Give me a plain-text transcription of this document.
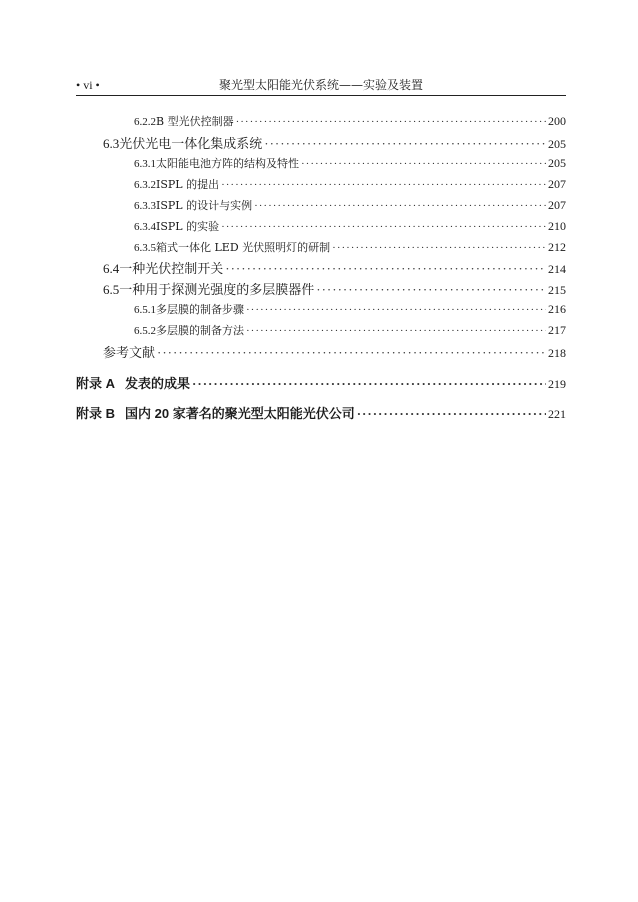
• vi •	聚光型太阳能光伏系统——实验及装置
6.2.2 B 型光伏控制器 ·····	200
6.3 光伏光电一体化集成系统 ·····	205
6.3.1 太阳能电池方阵的结构及特性 ·····	205
6.3.2 ISPL 的提出 ·····	207
6.3.3 ISPL 的设计与实例 ·····	207
6.3.4 ISPL 的实验 ·····	210
6.3.5 箱式一体化 LED 光伏照明灯的研制 ·····	212
6.4 一种光伏控制开关 ·····	214
6.5 一种用于探测光强度的多层膜器件 ·····	215
6.5.1 多层膜的制备步骤 ·····	216
6.5.2 多层膜的制备方法 ·····	217
参考文献 ·····	218
附录 A 发表的成果 ·····	219
附录 B 国内 20 家著名的聚光型太阳能光伏公司 ·····	221
